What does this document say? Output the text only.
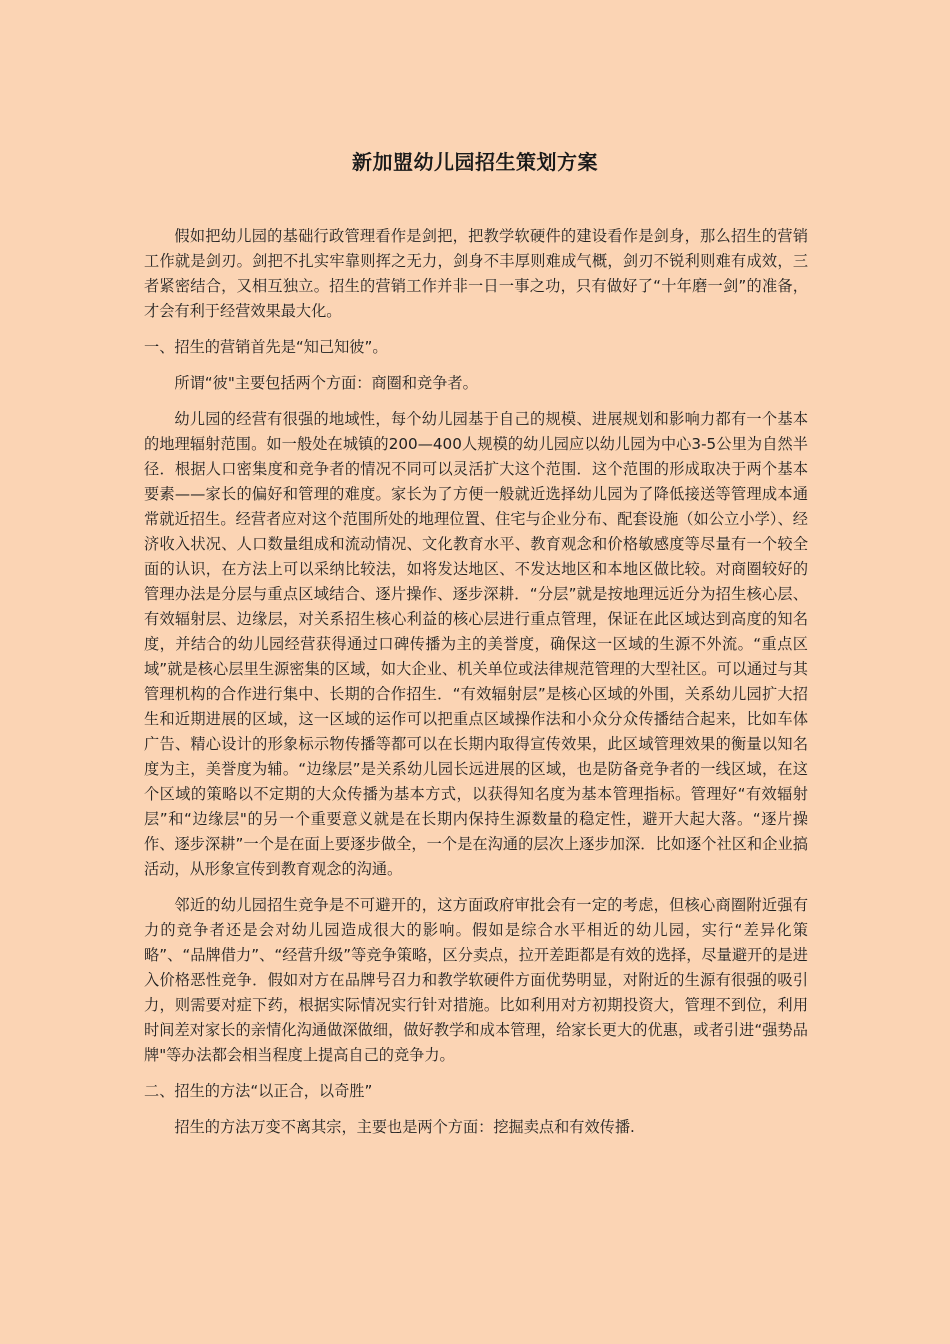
新加盟幼儿园招生策划方案

假如把幼儿园的基础行政管理看作是剑把，把教学软硬件的建设看作是剑身，那么招生的营销工作就是剑刃。剑把不扎实牢靠则挥之无力，剑身不丰厚则难成气概，剑刃不锐利则难有成效，三者紧密结合，又相互独立。招生的营销工作并非一日一事之功，只有做好了“十年磨一剑”的准备，才会有利于经营效果最大化。

一、招生的营销首先是“知己知彼”。

所谓“彼"主要包括两个方面：商圈和竞争者。

幼儿园的经营有很强的地域性，每个幼儿园基于自己的规模、进展规划和影响力都有一个基本的地理辐射范围。如一般处在城镇的200—400人规模的幼儿园应以幼儿园为中心3-5公里为自然半径．根据人口密集度和竞争者的情况不同可以灵活扩大这个范围．这个范围的形成取决于两个基本要素——家长的偏好和管理的难度。家长为了方便一般就近选择幼儿园为了降低接送等管理成本通常就近招生。经营者应对这个范围所处的地理位置、住宅与企业分布、配套设施（如公立小学）、经济收入状况、人口数量组成和流动情况、文化教育水平、教育观念和价格敏感度等尽量有一个较全面的认识，在方法上可以采纳比较法，如将发达地区、不发达地区和本地区做比较。对商圈较好的管理办法是分层与重点区域结合、逐片操作、逐步深耕．“分层”就是按地理远近分为招生核心层、有效辐射层、边缘层，对关系招生核心利益的核心层进行重点管理，保证在此区域达到高度的知名度，并结合的幼儿园经营获得通过口碑传播为主的美誉度，确保这一区域的生源不外流。“重点区域”就是核心层里生源密集的区域，如大企业、机关单位或法律规范管理的大型社区。可以通过与其管理机构的合作进行集中、长期的合作招生．“有效辐射层”是核心区域的外围，关系幼儿园扩大招生和近期进展的区域，这一区域的运作可以把重点区域操作法和小众分众传播结合起来，比如车体广告、精心设计的形象标示物传播等都可以在长期内取得宣传效果，此区域管理效果的衡量以知名度为主，美誉度为辅。“边缘层”是关系幼儿园长远进展的区域，也是防备竞争者的一线区域，在这个区域的策略以不定期的大众传播为基本方式，以获得知名度为基本管理指标。管理好“有效辐射层”和“边缘层"的另一个重要意义就是在长期内保持生源数量的稳定性，避开大起大落。“逐片操作、逐步深耕”一个是在面上要逐步做全，一个是在沟通的层次上逐步加深．比如逐个社区和企业搞活动，从形象宣传到教育观念的沟通。

邻近的幼儿园招生竞争是不可避开的，这方面政府审批会有一定的考虑，但核心商圈附近强有力的竞争者还是会对幼儿园造成很大的影响。假如是综合水平相近的幼儿园，实行“差异化策略”、“品牌借力”、“经营升级”等竞争策略，区分卖点，拉开差距都是有效的选择，尽量避开的是进入价格恶性竞争．假如对方在品牌号召力和教学软硬件方面优势明显，对附近的生源有很强的吸引力，则需要对症下药，根据实际情况实行针对措施。比如利用对方初期投资大，管理不到位，利用时间差对家长的亲情化沟通做深做细，做好教学和成本管理，给家长更大的优惠，或者引进“强势品牌"等办法都会相当程度上提高自己的竞争力。

二、招生的方法“以正合，以奇胜”

招生的方法万变不离其宗，主要也是两个方面：挖掘卖点和有效传播.
